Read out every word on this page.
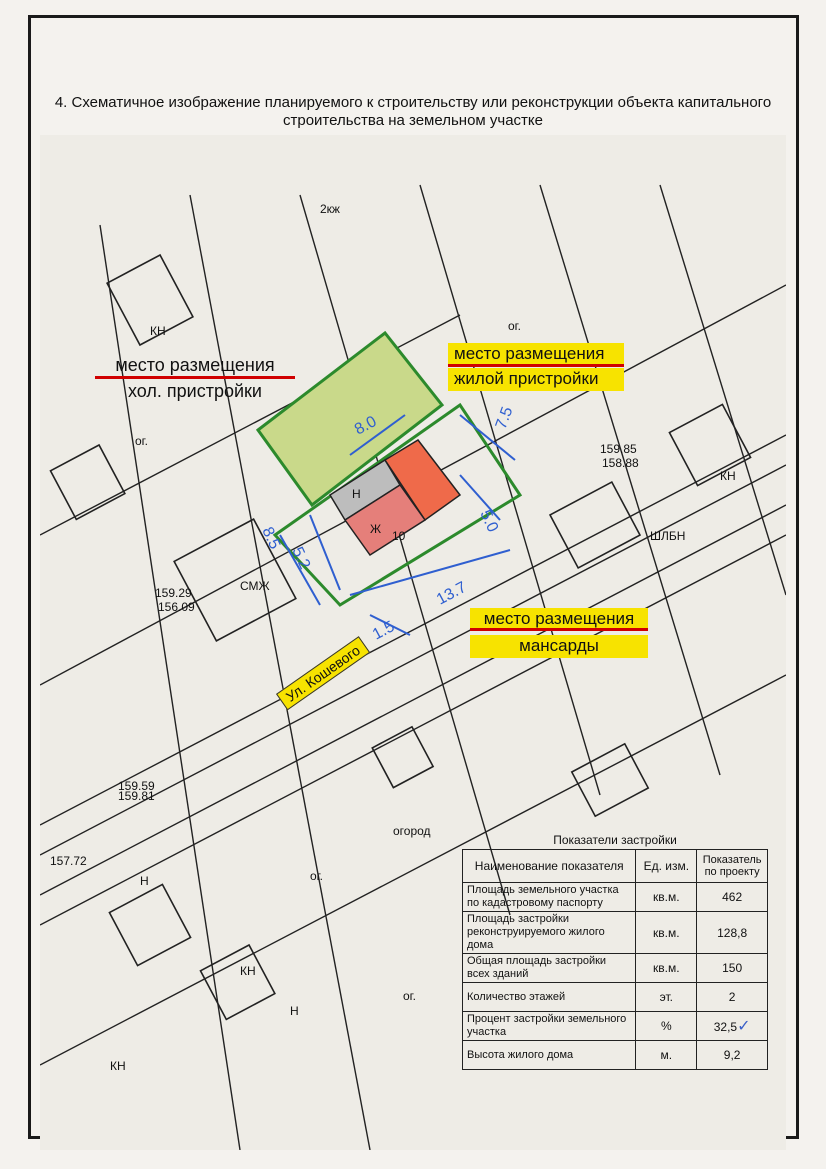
4. Схематичное изображение планируемого к строительству или реконструкции объекта капитального строительства на земельном участке
8.0	7.5
5.0
8.5
5.2
13.7
1.5
Н
Ж 10
2кж
ог.
огород
ог.
ог.
ог.
СМЖ
ШЛБН
КН
КН
КН
КН
Н
Н
159.29
156.09
159.85
158.88
159.59
159.81
157.72
место размещения
хол. пристройки
место размещения
жилой пристройки
место размещения
мансарды
Ул. Кошевого
Показатели застройки
Наименование показателя	Ед. изм.	Показатель по проекту
Площадь земельного участка по кадастровому паспорту	кв.м.	462
Площадь застройки реконструируемого жилого дома	кв.м.	128,8
Общая площадь застройки всех зданий	кв.м.	150
Количество этажей	эт.	2
Процент застройки земельного участка	%	32,5✓
Высота жилого дома	м.	9,2
